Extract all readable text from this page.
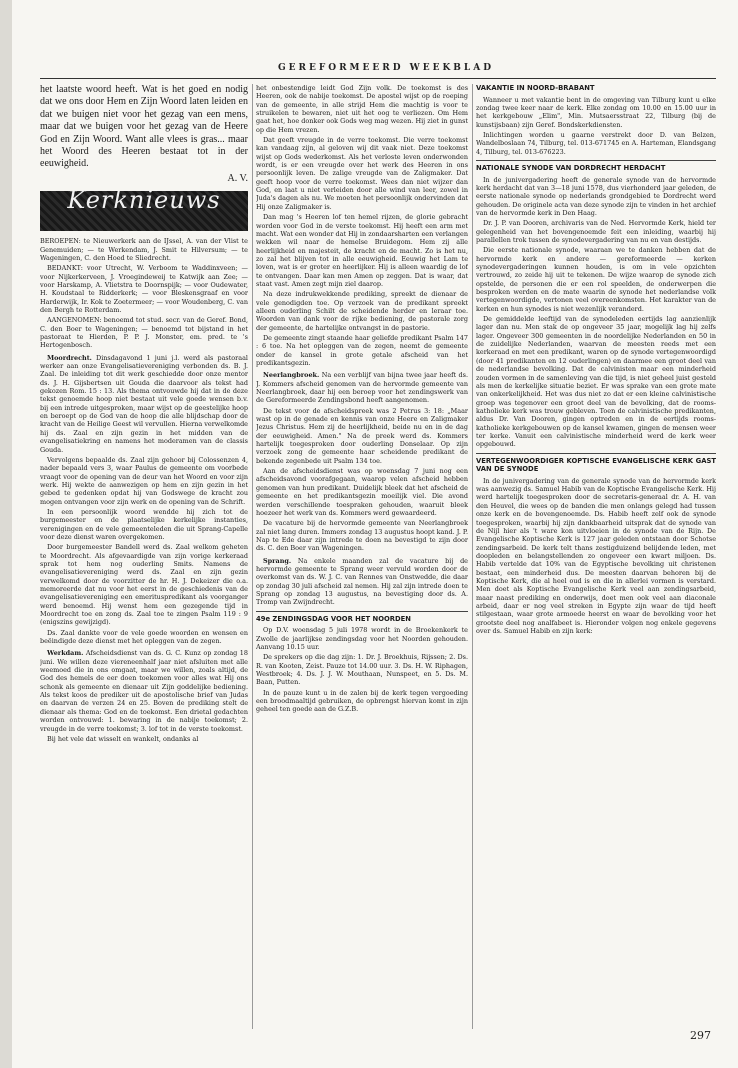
GEREFORMEERD WEEKBLAD

het laatste woord heeft. Wat is het goed en nodig dat we ons door Hem en Zijn Woord laten leiden en dat we buigen niet voor het gezag van een mens, maar dat we buigen voor het gezag van de Heere God en Zijn Woord. Want alle vlees is gras... maar het Woord des Heeren bestaat tot in der eeuwigheid.

A. V.

Kerknieuws

BEROEPEN: te Nieuwerkerk aan de IJssel, A. van der Vlist te Genemuiden; — te Werkendam, J. Smit te Hilversum; — te Wageningen, C. den Hoed te Sliedrecht.

BEDANKT: voor Utrecht, W. Verboom te Waddinxveen; — voor Nijkerkerveen, J. Vroegindeweij te Katwijk aan Zee; — voor Harskamp, A. Vlietstra te Doornspijk; — voor Oudewater, H. Koudstaal te Ridderkerk; — voor Bleskensgraaf en voor Harderwijk, Ir. Kok te Zoetermeer; — voor Woudenberg, C. van den Bergh te Rotterdam.

AANGENOMEN: benoemd tot stud. secr. van de Geref. Bond, C. den Boer te Wageningen; — benoemd tot bijstand in het pastoraat te Hierden, P. P. J. Monster, em. pred. te 's Hertogenbosch.

Moordrecht. Dinsdagavond 1 juni j.l. werd als pastoraal werker aan onze Evangelisatievereniging verbonden ds. B. J. Zaal. De inleiding tot dit werk geschiedde door onze mentor ds. J. H. Gijsbertsen uit Gouda die daarvoor als tekst had gekozen Rom. 15 : 13. Als thema ontvouwde hij dat in de deze tekst genoemde hoop niet bestaat uit vele goede wensen b.v. bij een intrede uitgesproken, maar wijst op de geestelijke hoop en beroept op de God van de hoop die alle blijdschap door de kracht van de Heilige Geest wil vervullen. Hierna verwelkomde hij ds. Zaal en zijn gezin in het midden van de evangelisatiekring en namens het moderamen van de classis Gouda.

Vervolgens bepaalde ds. Zaal zijn gehoor bij Colossenzen 4, nader bepaald vers 3, waar Paulus de gemeente om voorbede vraagt voor de opening van de deur van het Woord en voor zijn werk. Hij wekte de aanwezigen op hem en zijn gezin in het gebed te gedenken opdat hij van Godswege de kracht zou mogen ontvangen voor zijn werk en de opening van de Schrift.

In een persoonlijk woord wendde hij zich tot de burgemeester en de plaatselijke kerkelijke instanties, verenigingen en de vele gemeenteleden die uit Sprang-Capelle voor deze dienst waren overgekomen.

Door burgemeester Bandell werd ds. Zaal welkom geheten te Moordrecht. Als afgevaardigde van zijn vorige kerkeraad sprak tot hem nog ouderling Smits. Namens de evangelisatievereniging werd ds. Zaal en zijn gezin verwelkomd door de voorzitter de hr. H. J. Dekeizer die o.a. memoreerde dat nu voor het eerst in de geschiedenis van de evangelisatievereniging een emerituspredikant als voorganger werd benoemd. Hij wenst hem een gezegende tijd in Moordrecht toe en zong ds. Zaal toe te zingen Psalm 119 : 9 (enigszins gewijzigd).

Ds. Zaal dankte voor de vele goede woorden en wensen en beëindigde deze dienst met het opleggen van de zegen.

Werkdam. Afscheidsdienst van ds. G. C. Kunz op zondag 18 juni. We willen deze viereneenhalf jaar niet afsluiten met alle weemoed die in ons omgaat, maar we willen, zoals altijd, de God des hemels de eer doen toekomen voor alles wat Hij ons schonk als gemeente en dienaar uit Zijn goddelijke bediening. Als tekst koos de prediker uit de apostolische brief van Judas en daarvan de verzen 24 en 25. Boven de prediking stelt de dienaar als thema: God en de toekomst. Een drietal gedachten worden ontvouwd: 1. bewaring in de nabije toekomst; 2. vreugde in de verre toekomst; 3. lof tot in de verste toekomst.

Bij het vele dat wisselt en wankelt, ondanks al

het onbestendige leidt God Zijn volk. De toekomst is des Heeren, ook de nabije toekomst. De apostel wijst op de roeping van de gemeente, in alle strijd Hem die machtig is voor te struikelen te bewaren, niet uit het oog te verliezen. Om Hem gaat het, hoe donker ook Gods weg mag wezen. Hij ziet in gunst op die Hem vrezen.

Dat geeft vreugde in de verre toekomst. Die verre toekomst kan vandaag zijn, al geloven wij dit vaak niet. Deze toekomst wijst op Gods wederkomst. Als het verloste leven onderwonden wordt, is er een vreugde over het werk des Heeren in ons persoonlijk leven. De zalige vreugde van de Zaligmaker. Dat geeft hoop voor de verre toekomst. Wees dan niet wijzer dan God, en laat u niet verleiden door alle wind van leer, zowel in Juda's dagen als nu. We moeten het persoonlijk ondervinden dat Hij onze Zaligmaker is.

Dan mag 's Heeren lof ten hemel rijzen, de glorie gebracht worden voor God in de verste toekomst. Hij heeft een arm met macht. Wat een wonder dat Hij in zondaarsharten een verlangen wekken wil naar de hemelse Bruidegom. Hem zij alle heerlijkheid en majesteit, de kracht en de macht. Zo is het nu, zo zal het blijven tot in alle eeuwigheid. Eeuwig het Lam te loven, wat is er groter en heerlijker. Hij is alleen waardig de lof te ontvangen. Daar kan men Amen op zeggen. Dat is waar, dat staat vast. Amen zegt mijn ziel daarop.

Na deze indrukwekkende prediking, spreekt de dienaar de vele genodigden toe. Op verzoek van de predikant spreekt alleen ouderling Schilt de scheidende herder en leraar toe. Woorden van dank voor de rijke bediening, de pastorale zorg der gemeente, de hartelijke ontvangst in de pastorie.

De gemeente zingt staande haar geliefde predikant Psalm 147 : 6 toe. Na het opleggen van de zegen, neemt de gemeente onder de kansel in grote getale afscheid van het predikantsgezin.

Neerlangbroek. Na een verblijf van bijna twee jaar heeft ds. J. Kommers afscheid genomen van de hervormde gemeente van Neerlangbroek, daar hij een beroep voor het zendingswerk van de Gereformeerde Zendingsbond heeft aangenomen.

De tekst voor de afscheidspreek was 2 Petrus 3: 18: „Maar wast op in de genade en kennis van onze Heere en Zaligmaker Jezus Christus. Hem zij de heerlijkheid, beide nu en in de dag der eeuwigheid. Amen." Na de preek werd ds. Kommers hartelijk toegesproken door ouderling Donselaar. Op zijn verzoek zong de gemeente haar scheidende predikant de bekende zegenbede uit Psalm 134 toe.

Aan de afscheidsdienst was op woensdag 7 juni nog een afscheidsavond voorafgegaan, waarop velen afscheid hebben genomen van hun predikant. Duidelijk bleek dat het afscheid de gemeente en het predikantsgezin moeilijk viel. Die avond werden verschillende toespraken gehouden, waaruit bleek hoezeer het werk van ds. Kommers werd gewaardeerd.

De vacature bij de hervormde gemeente van Neerlangbroek zal niet lang duren. Immers zondag 13 augustus hoopt kand. J. P. Nap te Ede daar zijn intrede te doen na bevestigd te zijn door ds. C. den Boer van Wageningen.

Sprang. Na enkele maanden zal de vacature bij de hervormde gemeente te Sprang weer vervuld worden door de overkomst van ds. W. J. C. van Rennes van Onstwedde, die daar op zondag 30 juli afscheid zal nemen. Hij zal zijn intrede doen te Sprang op zondag 13 augustus, na bevestiging door ds. A. Tromp van Zwijndrecht.

49e ZENDINGSDAG VOOR HET NOORDEN

Op D.V. woensdag 5 juli 1978 wordt in de Broekenkerk te Zwolle de jaarlijkse zendingsdag voor het Noorden gehouden. Aanvang 10.15 uur.

De sprekers op die dag zijn: 1. Dr. J. Broekhuis, Rijssen; 2. Ds. R. van Kooten, Zeist. Pauze tot 14.00 uur. 3. Ds. H. W. Riphagen, Westbroek; 4. Ds. J. J. W. Mouthaan, Nunspeet, en 5. Ds. M. Baan, Putten.

In de pauze kunt u in de zalen bij de kerk tegen vergoeding een broodmaaltijd gebruiken, de opbrengst hiervan komt in zijn geheel ten goede aan de G.Z.B.

VAKANTIE IN NOORD-BRABANT

Wanneer u met vakantie bent in de omgeving van Tilburg kunt u elke zondag twee keer naar de kerk. Elke zondag om 10.00 en 15.00 uur in het kerkgebouw „Elim", Min. Mutsaersstraat 22, Tilburg (bij de kunstijsbaan) zijn Geref. Bondskerkdiensten.

Inlichtingen worden u gaarne verstrekt door D. van Belzen, Wandelboslaan 74, Tilburg, tel. 013-671745 en A. Harteman, Elandsgang 4, Tilburg, tel. 013-676223.

NATIONALE SYNODE VAN DORDRECHT HERDACHT

In de junivergadering heeft de generale synode van de hervormde kerk herdacht dat van 3—18 juni 1578, dus vierhonderd jaar geleden, de eerste nationale synode op nederlands grondgebied te Dordrecht werd gehouden. De originele acta van deze synode zijn te vinden in het archief van de hervormde kerk in Den Haag.

Dr. J. P. van Dooren, archivaris van de Ned. Hervormde Kerk, hield ter gelegenheid van het bovengenoemde feit een inleiding, waarbij hij parallellen trok tussen de synodevergadering van nu en van destijds.

Die eerste nationale synode, waaraan we te danken hebben dat de hervormde kerk en andere — gereformeerde — kerken synodevergaderingen kunnen houden, is om in vele opzichten vertrouwd, zo zeide hij uit te tekenen. De wijze waarop de synode zich opstelde, de personen die er een rol speelden, de onderwerpen die besproken werden en de mate waarin de synode het nederlandse volk vertegenwoordigde, vertonen veel overeenkomsten. Het karakter van de kerken en hun synodes is niet wezenlijk veranderd.

De gemiddelde leeftijd van de synodeleden eertijds lag aanzienlijk lager dan nu. Men stak de op ongeveer 35 jaar, mogelijk lag hij zelfs lager. Ongeveer 300 gemeenten in de noordelijke Nederlanden en 50 in de zuidelijke Nederlanden, waarvan de meesten reeds met een kerkeraad en met een predikant, waren op de synode vertegenwoordigd (door 41 predikanten en 12 ouderlingen) en daarmee een groot deel van de nederlandse bevolking. Dat de calvinisten maar een minderheid zouden vormen in de samenleving van die tijd, is niet geheel juist gesteld als men de kerkelijke situatie beziet. Er was sprake van een grote mate van onkerkelijkheid. Het was dus niet zo dat er een kleine calvinistische groep was tegenover een groot deel van de bevolking, dat de rooms-katholieke kerk was trouw gebleven. Toen de calvinistische predikanten, aldus Dr. Van Dooren, gingen optreden en in de eertijds rooms-katholieke kerkgebouwen op de kansel kwamen, gingen de mensen weer ter kerke. Vanuit een calvinistische minderheid werd de kerk weer opgebouwd.

VERTEGENWOORDIGER KOPTISCHE EVANGELISCHE KERK GAST VAN DE SYNODE

In de junivergadering van de generale synode van de hervormde kerk was aanwezig ds. Samuel Habib van de Koptische Evangelische Kerk. Hij werd hartelijk toegesproken door de secretaris-generaal dr. A. H. van den Heuvel, die wees op de banden die men onlangs gelegd had tussen onze kerk en de bovengenoemde. Ds. Habib heeft zelf ook de synode toegesproken, waarbij hij zijn dankbaarheid uitsprak dat de synode van de Nijl hier als 't ware kon uitvloeien in de synode van de Rijn. De Evangelische Koptische Kerk is 127 jaar geleden ontstaan door Schotse zendingsarbeid. De kerk telt thans zestigduizend belijdende leden, met doopleden en belangstellenden zo ongeveer een kwart miljoen. Ds. Habib vertelde dat 10% van de Egyptische bevolking uit christenen bestaat, een minderheid dus. De meesten daarvan behoren bij de Koptische Kerk, die al heel oud is en die in allerlei vormen is verstard. Men doet als Koptische Evangelische Kerk veel aan zendingsarbeid, maar naast prediking en onderwijs, doet men ook veel aan diaconale arbeid, daar er nog veel streken in Egypte zijn waar de tijd heeft stilgestaan, waar grote armoede heerst en waar de bevolking voor het grootste deel nog analfabeet is. Hieronder volgen nog enkele gegevens over ds. Samuel Habib en zijn kerk:

297
